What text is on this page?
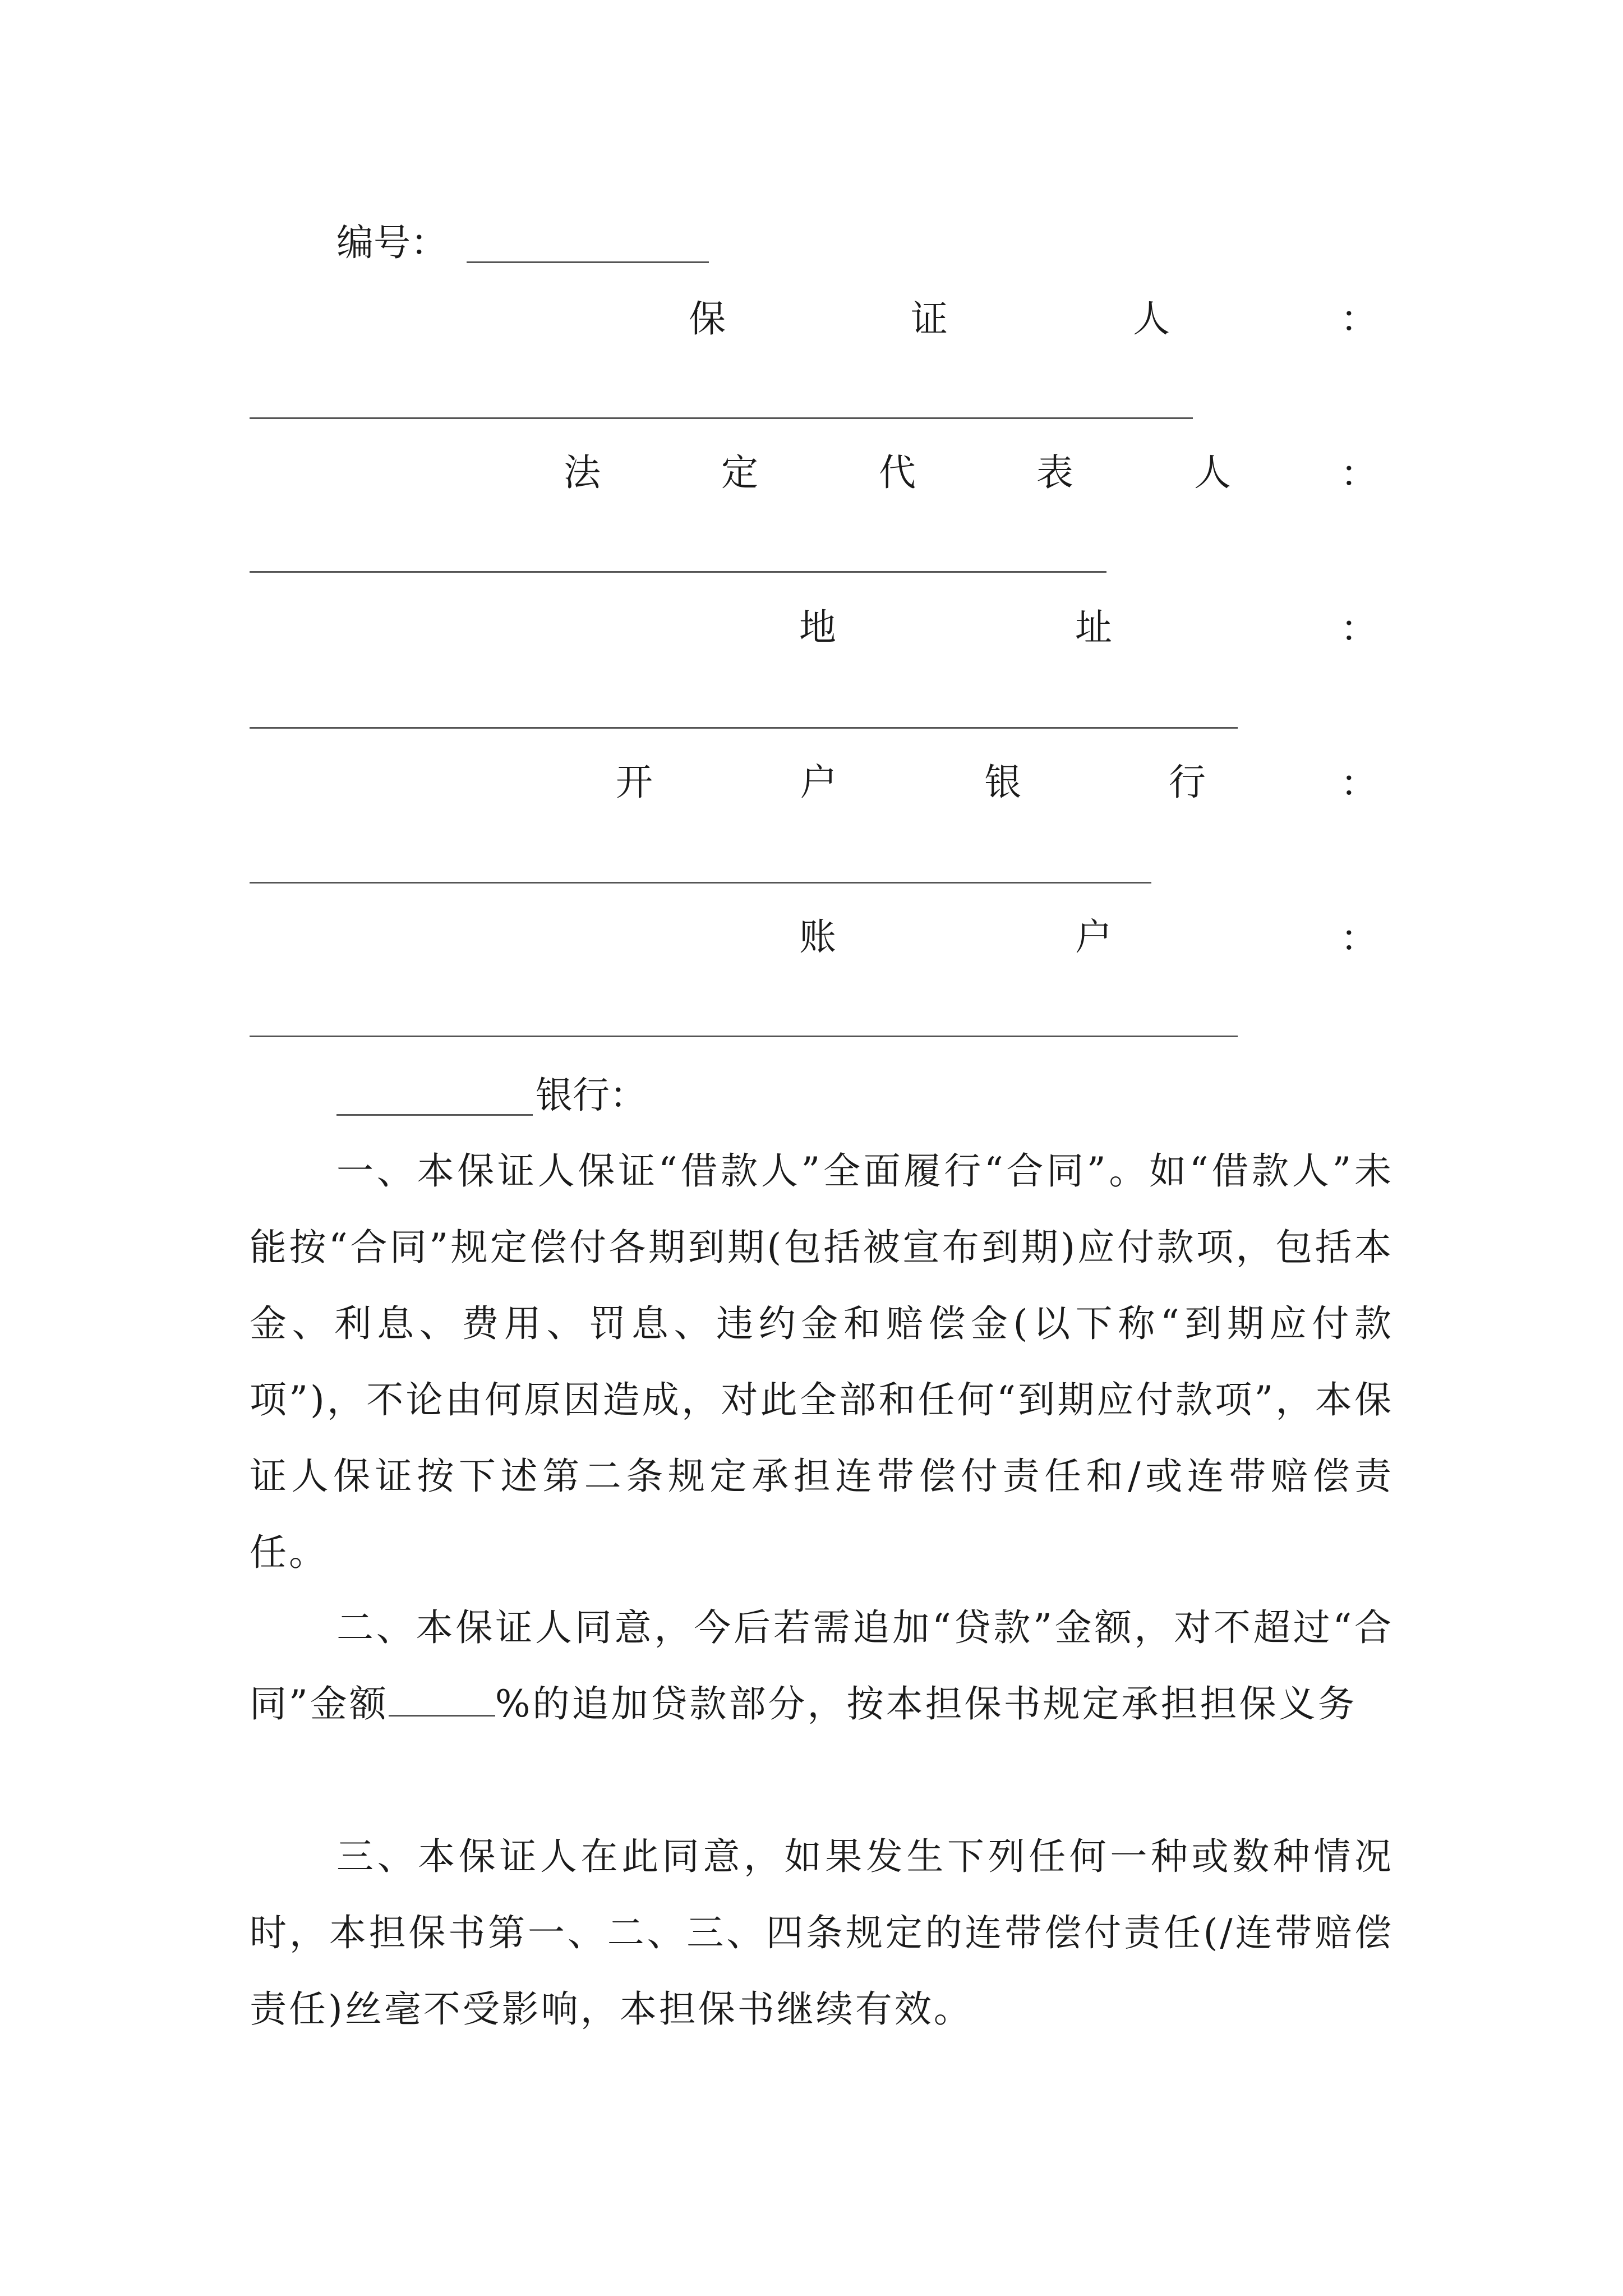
编号：
保	证	人	：
法	定	代	表	人	：
地	址	：
开	户	银	行	：
账	户	：
银行：
一、本保证人保证“借款人”全面履行“合同”。如“借款人”未能按“合同”规定偿付各期到期(包括被宣布到期)应付款项，包括本金、利息、费用、罚息、违约金和赔偿金(以下称“到期应付款项”)，不论由何原因造成，对此全部和任何“到期应付款项”，本保证人保证按下述第二条规定承担连带偿付责任和/或连带赔偿责任。
二、本保证人同意，今后若需追加“贷款”金额，对不超过“合同”金额	%的追加贷款部分，按本担保书规定承担担保义务
三、本保证人在此同意，如果发生下列任何一种或数种情况时，本担保书第一、二、三、四条规定的连带偿付责任(/连带赔偿责任)丝毫不受影响，本担保书继续有效。
